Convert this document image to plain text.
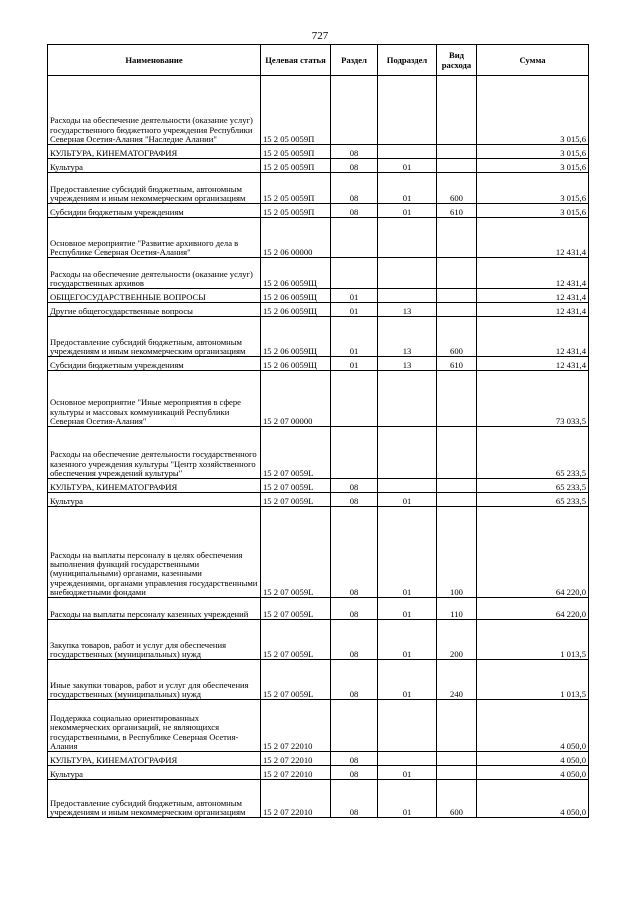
727
Наименование	Целевая статья	Раздел	Подраздел	Вид расхода	Сумма
Расходы на обеспечение деятельности (оказание услуг) государственного бюджетного учреждения Республики Северная Осетия-Алания "Наследие Алании"	15 2 05 0059П				3 015,6
КУЛЬТУРА, КИНЕМАТОГРАФИЯ	15 2 05 0059П	08			3 015,6
Культура	15 2 05 0059П	08	01		3 015,6
Предоставление субсидий бюджетным, автономным учреждениям и иным некоммерческим организациям	15 2 05 0059П	08	01	600	3 015,6
Субсидии бюджетным учреждениям	15 2 05 0059П	08	01	610	3 015,6
Основное мероприятие "Развитие архивного дела в Республике Северная Осетия-Алания"	15 2 06 00000				12 431,4
Расходы на обеспечение деятельности (оказание услуг) государственных архивов	15 2 06 0059Щ				12 431,4
ОБЩЕГОСУДАРСТВЕННЫЕ ВОПРОСЫ	15 2 06 0059Щ	01			12 431,4
Другие общегосударственные вопросы	15 2 06 0059Щ	01	13		12 431,4
Предоставление субсидий бюджетным, автономным учреждениям и иным некоммерческим организациям	15 2 06 0059Щ	01	13	600	12 431,4
Субсидии бюджетным учреждениям	15 2 06 0059Щ	01	13	610	12 431,4
Основное мероприятие "Иные мероприятия в сфере культуры и массовых коммуникаций Республики Северная Осетия-Алания"	15 2 07 00000				73 033,5
Расходы на обеспечение деятельности государственного казенного учреждения культуры "Центр хозяйственного обеспечения учреждений культуры"	15 2 07 0059L				65 233,5
КУЛЬТУРА, КИНЕМАТОГРАФИЯ	15 2 07 0059L	08			65 233,5
Культура	15 2 07 0059L	08	01		65 233,5
Расходы на выплаты персоналу в целях обеспечения выполнения функций государственными (муниципальными) органами, казенными учреждениями, органами управления государственными внебюджетными фондами	15 2 07 0059L	08	01	100	64 220,0
Расходы на выплаты персоналу казенных учреждений	15 2 07 0059L	08	01	110	64 220,0
Закупка товаров, работ и услуг для обеспечения государственных (муниципальных) нужд	15 2 07 0059L	08	01	200	1 013,5
Иные закупки товаров, работ и услуг для обеспечения государственных (муниципальных) нужд	15 2 07 0059L	08	01	240	1 013,5
Поддержка социально ориентированных некоммерческих организаций, не являющихся государственными, в Республике Северная Осетия-Алания	15 2 07 22010				4 050,0
КУЛЬТУРА, КИНЕМАТОГРАФИЯ	15 2 07 22010	08			4 050,0
Культура	15 2 07 22010	08	01		4 050,0
Предоставление субсидий бюджетным, автономным учреждениям и иным некоммерческим организациям	15 2 07 22010	08	01	600	4 050,0
